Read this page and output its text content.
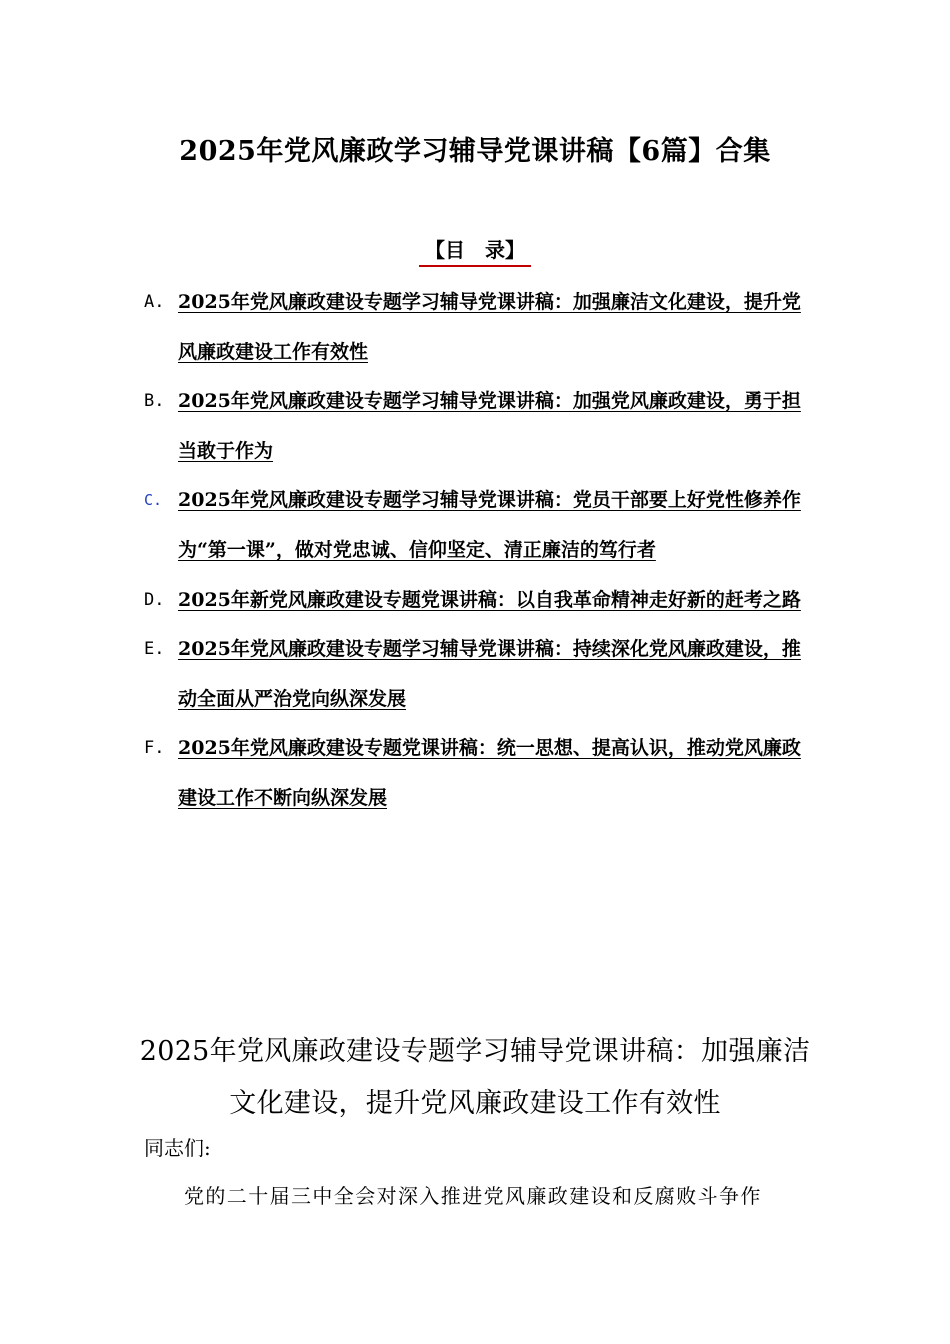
2025年党风廉政学习辅导党课讲稿【6篇】合集
【目　录】
A. 2025年党风廉政建设专题学习辅导党课讲稿：加强廉洁文化建设，提升党风廉政建设工作有效性
B. 2025年党风廉政建设专题学习辅导党课讲稿：加强党风廉政建设，勇于担当敢于作为
C. 2025年党风廉政建设专题学习辅导党课讲稿：党员干部要上好党性修养作为“第一课”，做对党忠诚、信仰坚定、清正廉洁的笃行者
D. 2025年新党风廉政建设专题党课讲稿：以自我革命精神走好新的赶考之路
E. 2025年党风廉政建设专题学习辅导党课讲稿：持续深化党风廉政建设，推动全面从严治党向纵深发展
F. 2025年党风廉政建设专题党课讲稿：统一思想、提高认识，推动党风廉政建设工作不断向纵深发展
2025年党风廉政建设专题学习辅导党课讲稿：加强廉洁文化建设，提升党风廉政建设工作有效性
同志们:
党的二十届三中全会对深入推进党风廉政建设和反腐败斗争作
